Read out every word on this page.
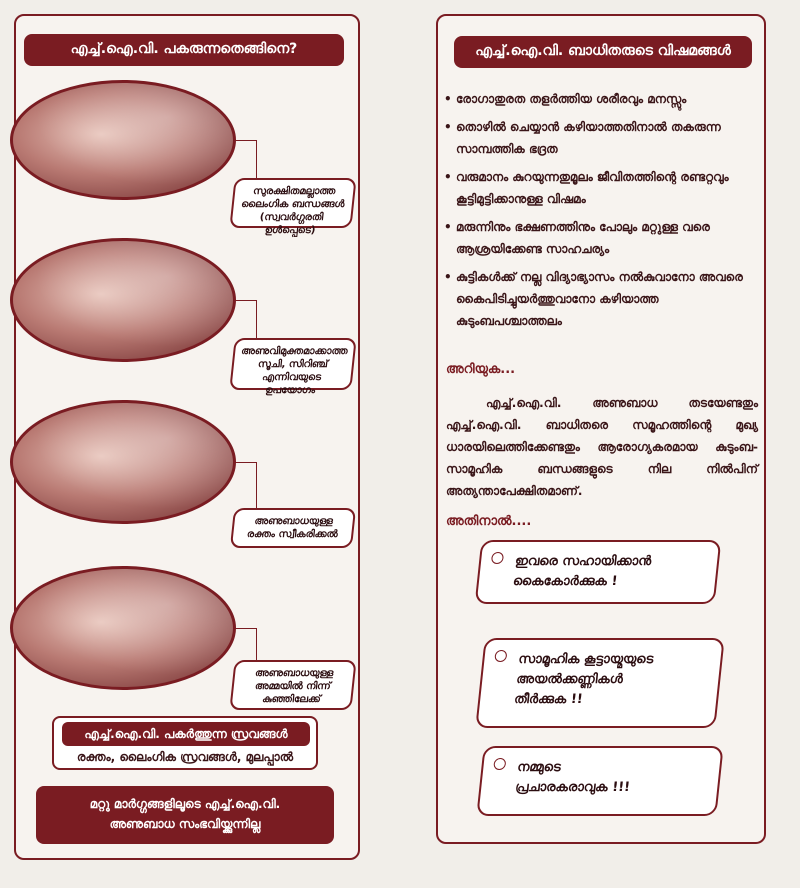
എച്ച്.ഐ.വി. പകരുന്നതെങ്ങിനെ?
സുരക്ഷിതമല്ലാത്ത ലൈംഗിക ബന്ധങ്ങൾ (സ്വവർഗ്ഗരതി ഉൾപ്പെടെ)
അണുവിമുക്തമാക്കാത്ത സൂചി, സിറിഞ്ച് എന്നിവയുടെ ഉപയോഗം
അണുബാധയുള്ള രക്തം സ്വീകരിക്കൽ
അണുബാധയുള്ള അമ്മയിൽ നിന്ന് കുഞ്ഞിലേക്ക്
എച്ച്.ഐ.വി. പകർത്തുന്ന സ്രവങ്ങൾ
രക്തം, ലൈംഗിക സ്രവങ്ങൾ, മുലപ്പാൽ
മറ്റു മാർഗ്ഗങ്ങളിലൂടെ എച്ച്.ഐ.വി.
അണുബാധ സംഭവിയ്ക്കുന്നില്ല
എച്ച്.ഐ.വി. ബാധിതരുടെ വിഷമങ്ങൾ
• രോഗാതുരത തളർത്തിയ ശരീരവും മനസ്സും
• തൊഴിൽ ചെയ്യാൻ കഴിയാത്തതിനാൽ തകരുന്ന സാമ്പത്തിക ഭദ്രത
• വരുമാനം കുറയുന്നതുമൂലം ജീവിതത്തിന്റെ രണ്ടറ്റവും കൂട്ടിമുട്ടിക്കാനുള്ള വിഷമം
• മരുന്നിനും ഭക്ഷണത്തിനും പോലും മറ്റുള്ള വരെ ആശ്രയിക്കേണ്ട സാഹചര്യം
• കുട്ടികൾക്ക് നല്ല വിദ്യാഭ്യാസം നൽകുവാനോ അവരെ കൈപിടിച്ചുയർത്തുവാനോ കഴിയാത്ത കുടുംബപശ്ചാത്തലം
അറിയുക...
എച്ച്.ഐ.വി. അണുബാധ തടയേണ്ടതും എച്ച്.ഐ.വി. ബാധിതരെ സമൂഹത്തിന്റെ മുഖ്യ ധാരയിലെത്തിക്കേണ്ടതും ആരോഗ്യകരമായ കുടുംബ-സാമൂഹിക ബന്ധങ്ങളുടെ നില നിൽപിന് അത്യന്താപേക്ഷിതമാണ്.
അതിനാൽ....
ഇവരെ സഹായിക്കാൻ
കൈകോർക്കുക !
സാമൂഹിക കൂട്ടായ്മയുടെ
അയൽക്കണ്ണികൾ
തീർക്കുക !!
നമ്മുടെ
പ്രചാരകരാവുക !!!
